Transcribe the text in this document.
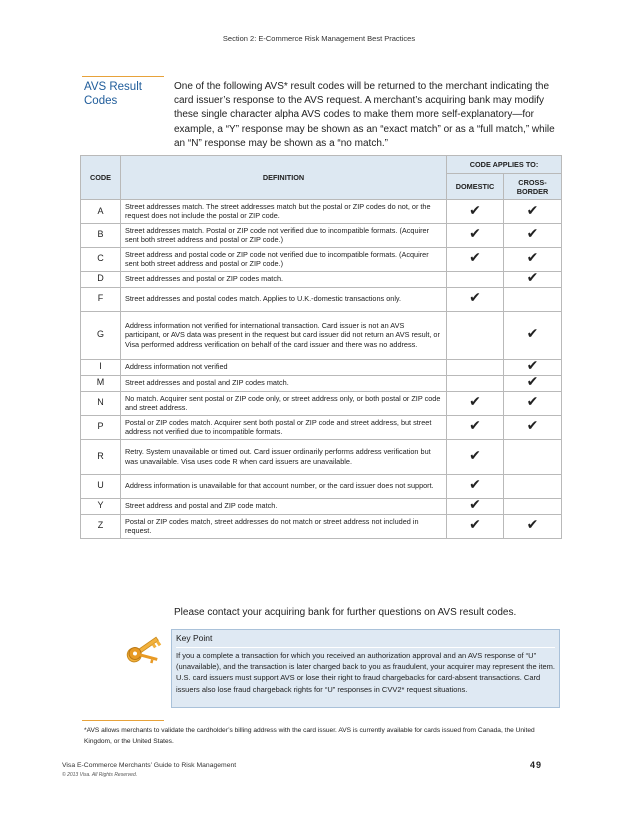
Section 2: E-Commerce Risk Management Best Practices
AVS Result Codes
One of the following AVS* result codes will be returned to the merchant indicating the card issuer’s response to the AVS request. A merchant’s acquiring bank may modify these single character alpha AVS codes to make them more self-explanatory—for example, a “Y” response may be shown as an “exact match” or as a “full match,” while an “N” response may be shown as a “no match.”
CODE	DEFINITION	CODE APPLIES TO:	
		DOMESTIC	CROSS-BORDER
A	Street addresses match. The street addresses match but the postal or ZIP codes do not, or the request does not include the postal or ZIP code.	✔	✔
B	Street addresses match. Postal or ZIP code not verified due to incompatible formats. (Acquirer sent both street address and postal or ZIP code.)	✔	✔
C	Street address and postal code or ZIP code not verified due to incompatible formats. (Acquirer sent both street address and postal or ZIP code.)	✔	✔
D	Street addresses and postal or ZIP codes match.		✔
F	Street addresses and postal codes match. Applies to U.K.-domestic transactions only.	✔	
G	Address information not verified for international transaction. Card issuer is not an AVS participant, or AVS data was present in the request but card issuer did not return an AVS result, or Visa performed address verification on behalf of the card issuer and there was no address.		✔
I	Address information not verified		✔
M	Street addresses and postal and ZIP codes match.		✔
N	No match. Acquirer sent postal or ZIP code only, or street address only, or both postal or ZIP code and street address.	✔	✔
P	Postal or ZIP codes match. Acquirer sent both postal or ZIP code and street address, but street address not verified due to incompatible formats.	✔	✔
R	Retry. System unavailable or timed out. Card issuer ordinarily performs address verification but was unavailable. Visa uses code R when card issuers are unavailable.	✔	
U	Address information is unavailable for that account number, or the card issuer does not support.	✔	
Y	Street address and postal and ZIP code match.	✔	
Z	Postal or ZIP codes match, street addresses do not match or street address not included in request.	✔	✔
Please contact your acquiring bank for further questions on AVS result codes.
Key Point
If you a complete a transaction for which you received an authorization approval and an AVS response of “U” (unavailable), and the transaction is later charged back to you as fraudulent, your acquirer may represent the item. U.S. card issuers must support AVS or lose their right to fraud chargebacks for card-absent transactions. Card issuers also lose fraud chargeback rights for “U” responses in CVV2* request situations.
*AVS allows merchants to validate the cardholder’s billing address with the card issuer. AVS is currently available for cards issued from Canada, the United Kingdom, or the United States.
Visa E-Commerce Merchants’ Guide to Risk Management
© 2013 Visa. All Rights Reserved.
49
